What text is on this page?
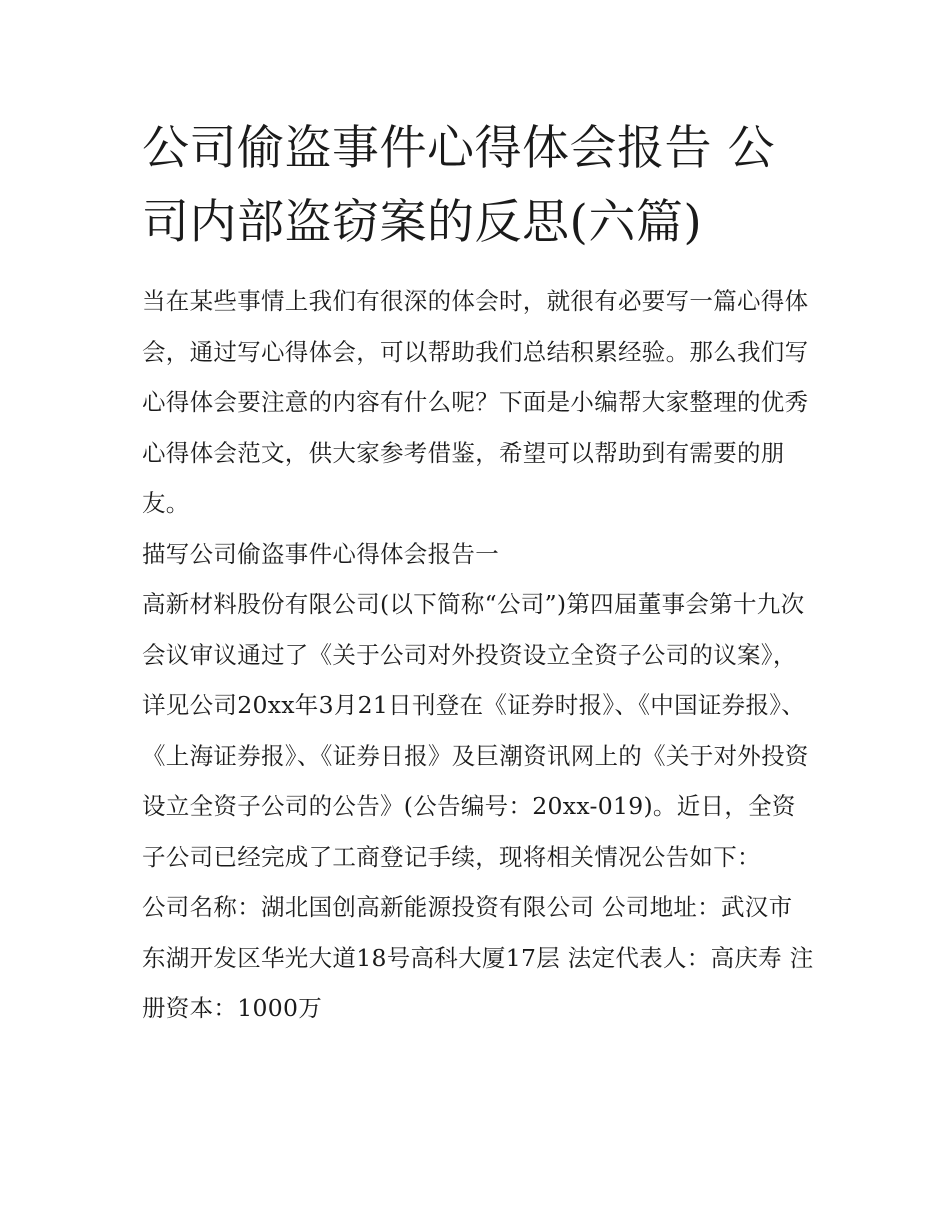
公司偷盗事件心得体会报告 公司内部盗窃案的反思(六篇)

当在某些事情上我们有很深的体会时，就很有必要写一篇心得体会，通过写心得体会，可以帮助我们总结积累经验。那么我们写心得体会要注意的内容有什么呢？下面是小编帮大家整理的优秀心得体会范文，供大家参考借鉴，希望可以帮助到有需要的朋友。

描写公司偷盗事件心得体会报告一

高新材料股份有限公司(以下简称“公司”)第四届董事会第十九次会议审议通过了《关于公司对外投资设立全资子公司的议案》，详见公司20xx年3月21日刊登在《证券时报》、《中国证券报》、《上海证券报》、《证券日报》及巨潮资讯网上的《关于对外投资设立全资子公司的公告》(公告编号：20xx-019)。近日，全资子公司已经完成了工商登记手续，现将相关情况公告如下：

公司名称：湖北国创高新能源投资有限公司 公司地址：武汉市东湖开发区华光大道18号高科大厦17层 法定代表人：高庆寿 注册资本：1000万
